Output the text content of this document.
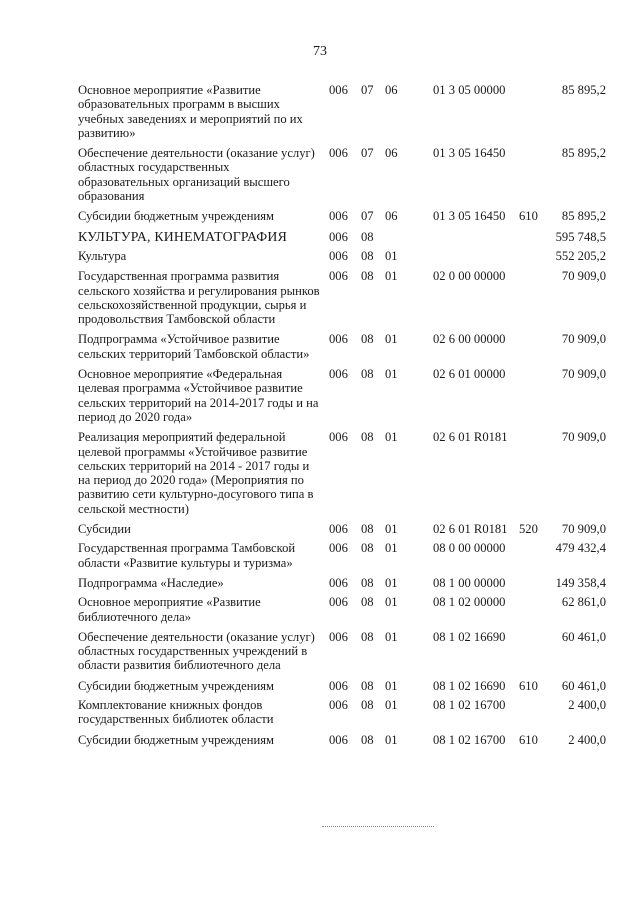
73
Основное мероприятие «Развитие образовательных программ в высших учебных заведениях и мероприятий по их развитию»
006	07 06	01 3 05 00000	85 895,2
Обеспечение деятельности (оказание услуг) областных государственных образовательных организаций высшего образования
006	07 06	01 3 05 16450	85 895,2
Субсидии бюджетным учреждениям	006	07 06	01 3 05 16450	610	85 895,2
КУЛЬТУРА, КИНЕМАТОГРАФИЯ	006	08	595 748,5
Культура	006	08 01	552 205,2
Государственная программа развития сельского хозяйства и регулирования рынков сельскохозяйственной продукции, сырья и продовольствия Тамбовской области
006	08 01	02 0 00 00000	70 909,0
Подпрограмма «Устойчивое развитие сельских территорий Тамбовской области»
006	08 01	02 6 00 00000	70 909,0
Основное мероприятие «Федеральная целевая программа «Устойчивое развитие сельских территорий на 2014-2017 годы и на период до 2020 года»
006	08 01	02 6 01 00000	70 909,0
Реализация мероприятий федеральной целевой программы «Устойчивое развитие сельских территорий на 2014 - 2017 годы и на период до 2020 года» (Мероприятия по развитию сети культурно-досугового типа в сельской местности)
006	08 01	02 6 01 R0181	70 909,0
Субсидии	006	08 01	02 6 01 R0181 520	70 909,0
Государственная программа Тамбовской области «Развитие культуры и туризма»
006	08 01	08 0 00 00000	479 432,4
Подпрограмма «Наследие»	006	08 01	08 1 00 00000	149 358,4
Основное мероприятие «Развитие библиотечного дела»
006	08 01	08 1 02 00000	62 861,0
Обеспечение деятельности (оказание услуг) областных государственных учреждений в области развития библиотечного дела
006	08 01	08 1 02 16690	60 461,0
Субсидии бюджетным учреждениям	006	08 01	08 1 02 16690	610	60 461,0
Комплектование книжных фондов государственных библиотек области
006	08 01	08 1 02 16700	2 400,0
Субсидии бюджетным учреждениям	006	08 01	08 1 02 16700	610	2 400,0
